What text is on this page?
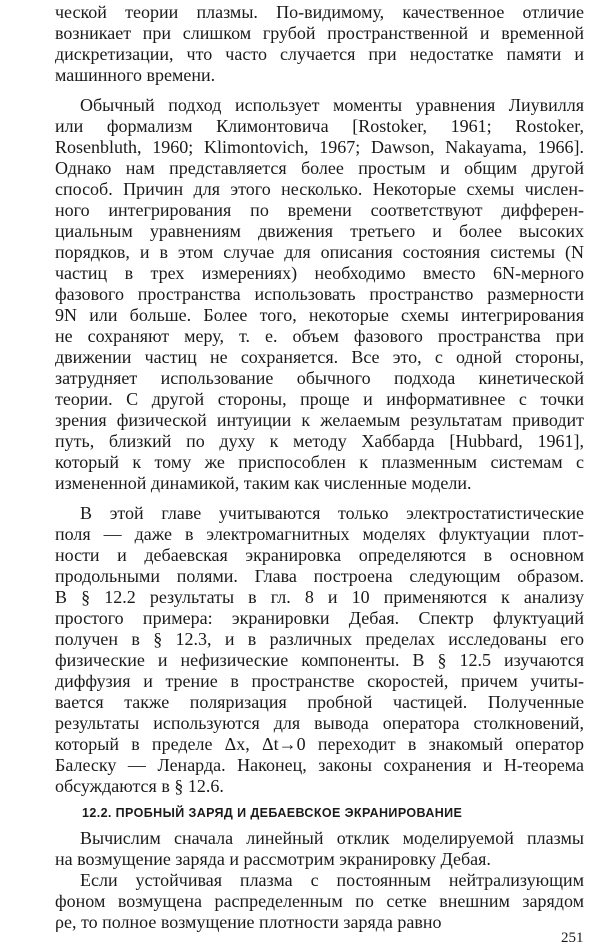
ческой теории плазмы. По-видимому, качественное отличие

возникает при слишком грубой пространственной и временной

дискретизации, что часто случается при недостатке памяти и

машинного времени.

Обычный подход использует моменты уравнения Лиувилля

или формализм Климонтовича [Rostoker, 1961; Rostoker,

Rosenbluth, 1960; Klimontovich, 1967; Dawson, Nakayama, 1966].

Однако нам представляется более простым и общим другой

способ. Причин для этого несколько. Некоторые схемы числен-

ного интегрирования по времени соответствуют дифферен-

циальным уравнениям движения третьего и более высоких

порядков, и в этом случае для описания состояния системы (N

частиц в трех измерениях) необходимо вместо 6N-мерного

фазового пространства использовать пространство размерности

9N или больше. Более того, некоторые схемы интегрирования

не сохраняют меру, т. е. объем фазового пространства при

движении частиц не сохраняется. Все это, с одной стороны,

затрудняет использование обычного подхода кинетической

теории. С другой стороны, проще и информативнее с точки

зрения физической интуиции к желаемым результатам приводит

путь, близкий по духу к методу Хаббарда [Hubbard, 1961],

который к тому же приспособлен к плазменным системам с

измененной динамикой, таким как численные модели.

В этой главе учитываются только электростатистические

поля — даже в электромагнитных моделях флуктуации плот-

ности и дебаевская экранировка определяются в основном

продольными полями. Глава построена следующим образом.

В § 12.2 результаты в гл. 8 и 10 применяются к анализу

простого примера: экранировки Дебая. Спектр флуктуаций

получен в § 12.3, и в различных пределах исследованы его

физические и нефизические компоненты. В § 12.5 изучаются

диффузия и трение в пространстве скоростей, причем учиты-

вается также поляризация пробной частицей. Полученные

результаты используются для вывода оператора столкновений,

который в пределе Δx, Δt→0 переходит в знакомый оператор

Балеску — Ленарда. Наконец, законы сохранения и H-теорема

обсуждаются в § 12.6.

12.2. ПРОБНЫЙ ЗАРЯД И ДЕБАЕВСКОЕ ЭКРАНИРОВАНИЕ

Вычислим сначала линейный отклик моделируемой плазмы

на возмущение заряда и рассмотрим экранировку Дебая.

Если устойчивая плазма с постоянным нейтрализующим

фоном возмущена распределенным по сетке внешним зарядом

ρe, то полное возмущение плотности заряда равно

251
